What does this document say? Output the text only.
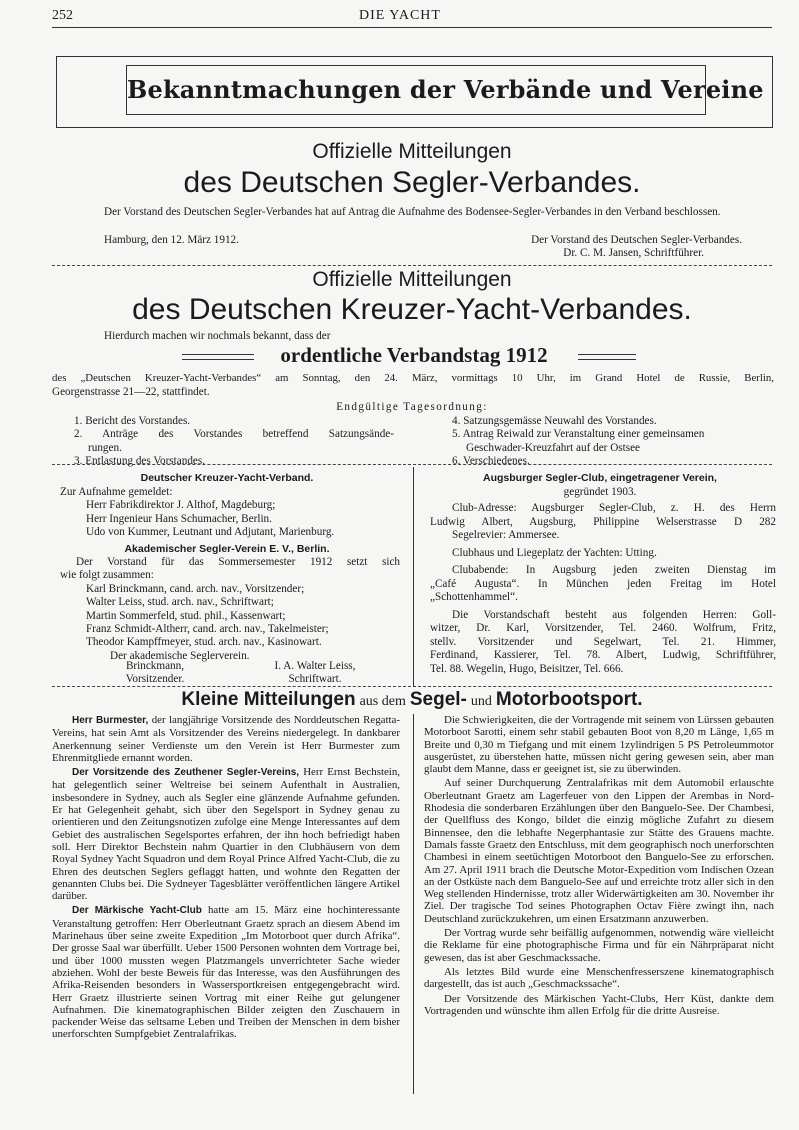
252	DIE YACHT
Bekanntmachungen der Verbände und Vereine
Offizielle Mitteilungen
des Deutschen Segler-Verbandes.
Der Vorstand des Deutschen Segler-Verbandes hat auf Antrag die Aufnahme des Bodensee-Segler-Verbandes in den Verband beschlossen.
Hamburg, den 12. März 1912.	Der Vorstand des Deutschen Segler-Verbandes.
Dr. C. M. Jansen, Schriftführer.
Offizielle Mitteilungen
des Deutschen Kreuzer-Yacht-Verbandes.
Hierdurch machen wir nochmals bekannt, dass der
ordentliche Verbandstag 1912
des „Deutschen Kreuzer-Yacht-Verbandes“ am Sonntag, den 24. März, vormittags 10 Uhr, im Grand Hotel de Russie, Berlin,
Georgenstrasse 21—22, stattfindet.
Endgültige Tagesordnung:
1. Bericht des Vorstandes.
2. Anträge des Vorstandes betreffend Satzungsände-
rungen.
3. Entlastung des Vorstandes.
4. Satzungsgemässe Neuwahl des Vorstandes.
5. Antrag Reiwald zur Veranstaltung einer gemeinsamen
Geschwader-Kreuzfahrt auf der Ostsee
6. Verschiedenes.
Deutscher Kreuzer-Yacht-Verband.
Zur Aufnahme gemeldet:
Herr Fabrikdirektor J. Althof, Magdeburg;
Herr Ingenieur Hans Schumacher, Berlin.
Udo von Kummer, Leutnant und Adjutant, Marienburg.
Akademischer Segler-Verein E. V., Berlin.
Der Vorstand für das Sommersemester 1912 setzt sich
wie folgt zusammen:
Karl Brinckmann, cand. arch. nav., Vorsitzender;
Walter Leiss, stud. arch. nav., Schriftwart;
Martin Sommerfeld, stud. phil., Kassenwart;
Franz Schmidt-Altherr, cand. arch. nav., Takelmeister;
Theodor Kampffmeyer, stud. arch. nav., Kasinowart.
Der akademische Seglerverein.
Brinckmann,
Vorsitzender.
I. A. Walter Leiss,
Schriftwart.
Augsburger Segler-Club, eingetragener Verein,
gegründet 1903.
Club-Adresse: Augsburger Segler-Club, z. H. des Herrn
Ludwig Albert, Augsburg, Philippine Welserstrasse D 282
Segelrevier: Ammersee.
Clubhaus und Liegeplatz der Yachten: Utting.
Clubabende: In Augsburg jeden zweiten Dienstag im
„Café Augusta“. In München jeden Freitag im Hotel
„Schottenhammel“.
Die Vorstandschaft besteht aus folgenden Herren: Goll-
witzer, Dr. Karl, Vorsitzender, Tel. 2460. Wolfrum, Fritz,
stellv. Vorsitzender und Segelwart, Tel. 21. Himmer,
Ferdinand, Kassierer, Tel. 78. Albert, Ludwig, Schriftführer,
Tel. 88. Wegelin, Hugo, Beisitzer, Tel. 666.
Kleine Mitteilungen aus dem Segel- und Motorbootsport.

Herr Burmester, der langjährige Vorsitzende des Norddeutschen Regatta-Vereins, hat sein Amt als Vorsitzender des Vereins niedergelegt. In dankbarer Anerkennung seiner Verdienste um den Verein ist Herr Burmester zum Ehrenmitgliede ernannt worden.

Der Vorsitzende des Zeuthener Segler-Vereins, Herr Ernst Bechstein, hat gelegentlich seiner Weltreise bei seinem Aufenthalt in Australien, insbesondere in Sydney, auch als Segler eine glänzende Aufnahme gefunden. Er hat Gelegenheit gehabt, sich über den Segelsport in Sydney genau zu orientieren und den Zeitungsnotizen zufolge eine Menge Interessantes auf dem Gebiet des australischen Segelsportes erfahren, der ihn hoch befriedigt haben soll. Herr Direktor Bechstein nahm Quartier in den Clubhäusern von dem Royal Sydney Yacht Squadron und dem Royal Prince Alfred Yacht-Club, die zu Ehren des deutschen Seglers geflaggt hatten, und wohnte den Regatten der genannten Clubs bei. Die Sydneyer Tagesblätter veröffentlichen längere Artikel darüber.

Der Märkische Yacht-Club hatte am 15. März eine hochinteressante Veranstaltung getroffen: Herr Oberleutnant Graetz sprach an diesem Abend im Marinehaus über seine zweite Expedition „Im Motorboot quer durch Afrika“. Der grosse Saal war überfüllt. Ueber 1500 Personen wohnten dem Vortrage bei, und über 1000 mussten wegen Platzmangels unverrichteter Sache wieder abziehen. Wohl der beste Beweis für das Interesse, was den Ausführungen des Afrika-Reisenden besonders in Wassersportkreisen entgegengebracht wird. Herr Graetz illustrierte seinen Vortrag mit einer Reihe gut gelungener Aufnahmen. Die kinematographischen Bilder zeigten den Zuschauern in packender Weise das seltsame Leben und Treiben der Menschen in dem bisher unerforschten Sumpfgebiet Zentralafrikas.

Die Schwierigkeiten, die der Vortragende mit seinem von Lürssen gebauten Motorboot Sarotti, einem sehr stabil gebauten Boot von 8,20 m Länge, 1,65 m Breite und 0,30 m Tiefgang und mit einem 1zylindrigen 5 PS Petroleummotor ausgerüstet, zu überstehen hatte, müssen nicht gering gewesen sein, aber man glaubt dem Manne, dass er geeignet ist, sie zu überwinden.

Auf seiner Durchquerung Zentralafrikas mit dem Automobil erlauschte Oberleutnant Graetz am Lagerfeuer von den Lippen der Arembas in Nord-Rhodesia die sonderbaren Erzählungen über den Banguelo-See. Der Chambesi, der Quellfluss des Kongo, bildet die einzig mögliche Zufahrt zu diesem Binnensee, den die lebhafte Negerphantasie zur Stätte des Grauens machte. Damals fasste Graetz den Entschluss, mit dem geographisch noch unerforschten Chambesi in einem seetüchtigen Motorboot den Banguelo-See zu erforschen. Am 27. April 1911 brach die Deutsche Motor-Expedition vom Indischen Ozean an der Ostküste nach dem Banguelo-See auf und erreichte trotz aller sich in den Weg stellenden Hindernisse, trotz aller Widerwärtigkeiten am 30. November ihr Ziel. Der tragische Tod seines Photographen Octav Fière zwingt ihn, nach Deutschland zurückzukehren, um einen Ersatzmann anzuwerben.

Der Vortrag wurde sehr beifällig aufgenommen, notwendig wäre vielleicht die Reklame für eine photographische Firma und für ein Nährpräparat nicht gewesen, das ist aber Geschmackssache.

Als letztes Bild wurde eine Menschenfresserszene kinematographisch dargestellt, das ist auch „Geschmackssache“.

Der Vorsitzende des Märkischen Yacht-Clubs, Herr Küst, dankte dem Vortragenden und wünschte ihm allen Erfolg für die dritte Ausreise.
